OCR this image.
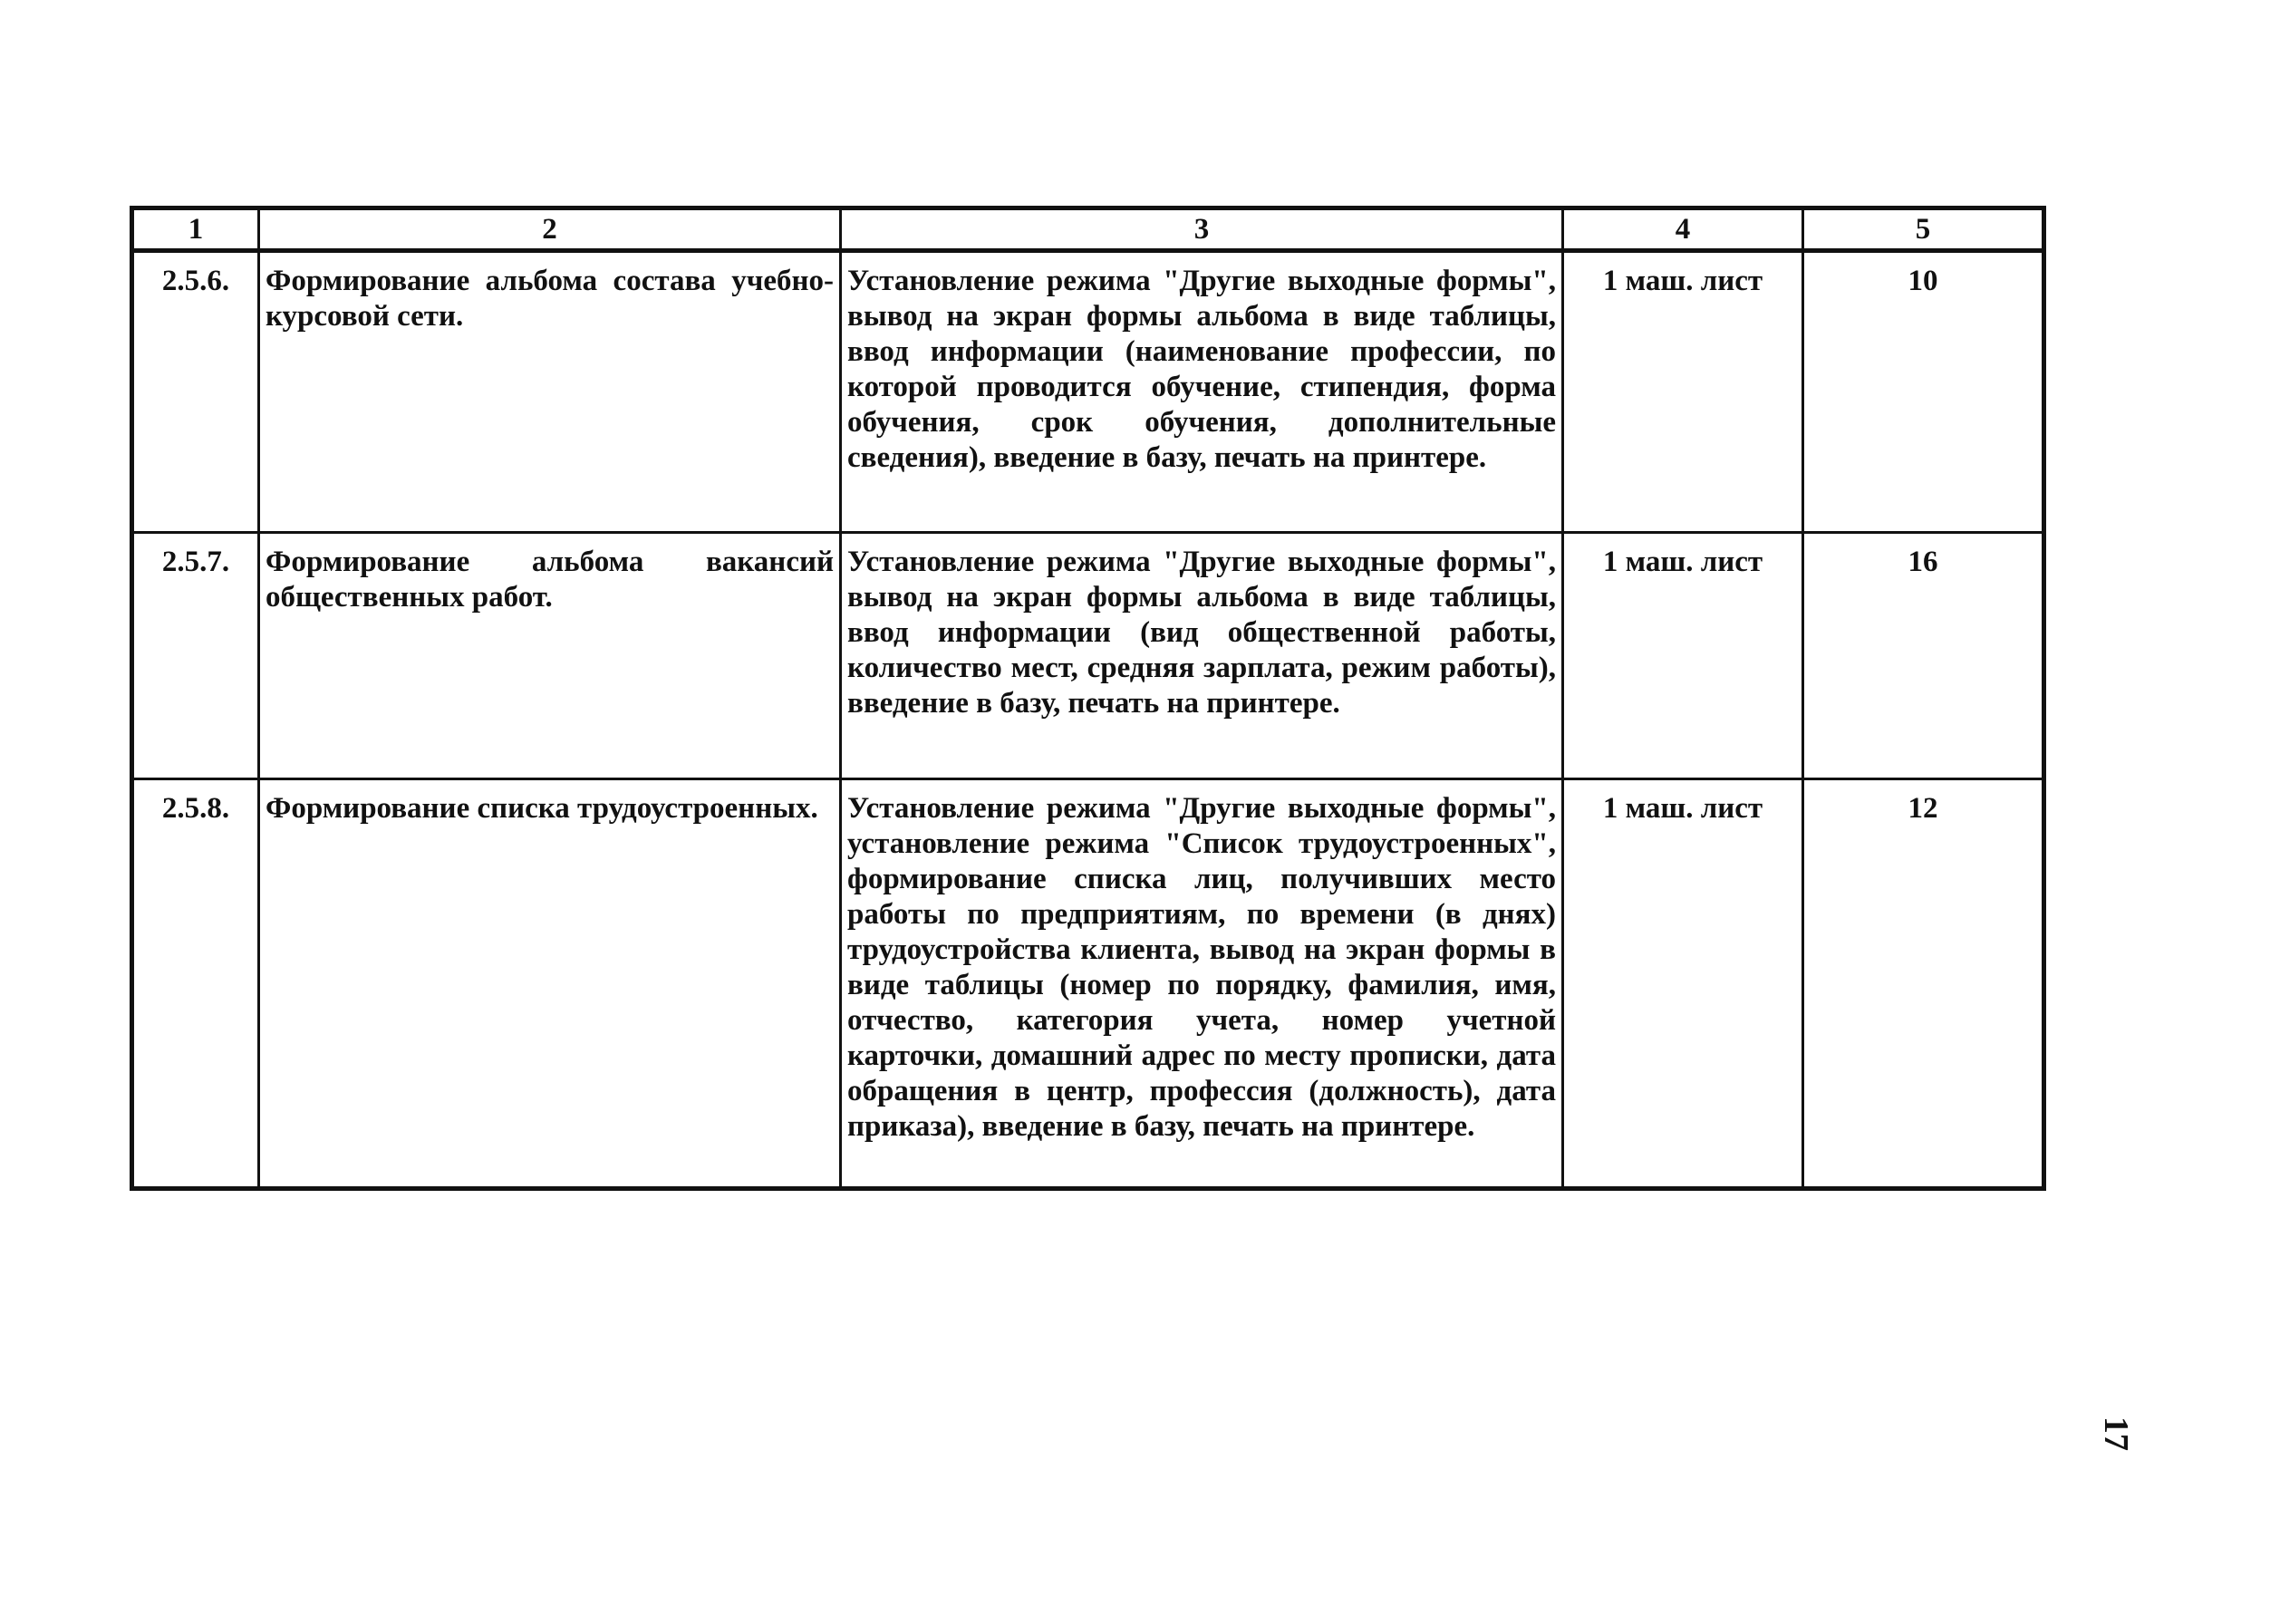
1	2	3	4	5
2.5.6.	Формирование альбома состава учебно-курсовой сети.	Установление режима "Другие выходные формы", вывод на экран формы альбома в виде таблицы, ввод информации (наименование профессии, по которой проводится обучение, стипендия, форма обучения, срок обучения, дополнительные сведения), введение в базу, печать на принтере.	1 маш. лист	10
2.5.7.	Формирование альбома вакансий общественных работ.	Установление режима "Другие выходные формы", вывод на экран формы альбома в виде таблицы, ввод информации (вид общественной работы, количество мест, средняя зарплата, режим работы), введение в базу, печать на принтере.	1 маш. лист	16
2.5.8.	Формирование списка трудоустроенных.	Установление режима "Другие выходные формы", установление режима "Список трудоустроенных", формирование списка лиц, получивших место работы по предприятиям, по времени (в днях) трудоустройства клиента, вывод на экран формы в виде таблицы (номер по порядку, фамилия, имя, отчество, категория учета, номер учетной карточки, домашний адрес по месту прописки, дата обращения в центр, профессия (должность), дата приказа), введение в базу, печать на принтере.	1 маш. лист	12
17
